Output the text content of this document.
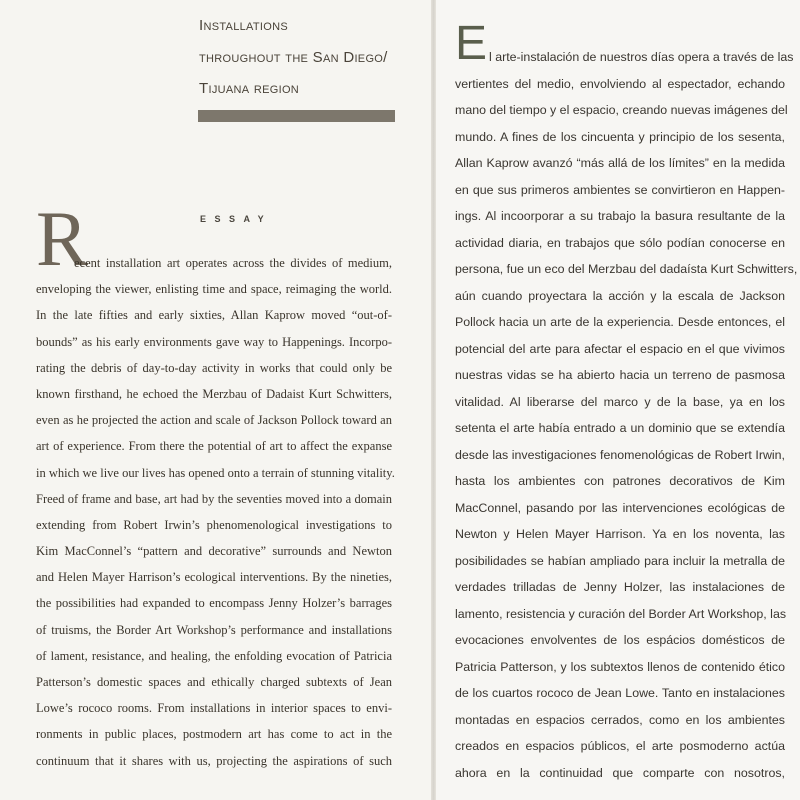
Installations
throughout the San Diego/
Tijuana region
ESSAY
R
ecent installation art operates across the divides of medium,
enveloping the viewer, enlisting time and space, reimaging the world.
In the late fifties and early sixties, Allan Kaprow moved “out-of-
bounds” as his early environments gave way to Happenings. Incorpo-
rating the debris of day-to-day activity in works that could only be
known firsthand, he echoed the Merzbau of Dadaist Kurt Schwitters,
even as he projected the action and scale of Jackson Pollock toward an
art of experience. From there the potential of art to affect the expanse
in which we live our lives has opened onto a terrain of stunning vitality.
Freed of frame and base, art had by the seventies moved into a domain
extending from Robert Irwin’s phenomenological investigations to
Kim MacConnel’s “pattern and decorative” surrounds and Newton
and Helen Mayer Harrison’s ecological interventions. By the nineties,
the possibilities had expanded to encompass Jenny Holzer’s barrages
of truisms, the Border Art Workshop’s performance and installations
of lament, resistance, and healing, the enfolding evocation of Patricia
Patterson’s domestic spaces and ethically charged subtexts of Jean
Lowe’s rococo rooms. From installations in interior spaces to envi-
ronments in public places, postmodern art has come to act in the
continuum that it shares with us, projecting the aspirations of such
E l arte-instalación de nuestros días opera a través de las
vertientes del medio, envolviendo al espectador, echando
mano del tiempo y el espacio, creando nuevas imágenes del
mundo. A fines de los cincuenta y principio de los sesenta,
Allan Kaprow avanzó “más allá de los límites” en la medida
en que sus primeros ambientes se convirtieron en Happen-
ings. Al incoorporar a su trabajo la basura resultante de la
actividad diaria, en trabajos que sólo podían conocerse en
persona, fue un eco del Merzbau del dadaísta Kurt Schwitters,
aún cuando proyectara la acción y la escala de Jackson
Pollock hacia un arte de la experiencia. Desde entonces, el
potencial del arte para afectar el espacio en el que vivimos
nuestras vidas se ha abierto hacia un terreno de pasmosa
vitalidad. Al liberarse del marco y de la base, ya en los
setenta el arte había entrado a un dominio que se extendía
desde las investigaciones fenomenológicas de Robert Irwin,
hasta los ambientes con patrones decorativos de Kim
MacConnel, pasando por las intervenciones ecológicas de
Newton y Helen Mayer Harrison. Ya en los noventa, las
posibilidades se habían ampliado para incluir la metralla de
verdades trilladas de Jenny Holzer, las instalaciones de
lamento, resistencia y curación del Border Art Workshop, las
evocaciones envolventes de los espácios domésticos de
Patricia Patterson, y los subtextos llenos de contenido ético
de los cuartos rococo de Jean Lowe. Tanto en instalaciones
montadas en espacios cerrados, como en los ambientes
creados en espacios públicos, el arte posmoderno actúa
ahora en la continuidad que comparte con nosotros,
